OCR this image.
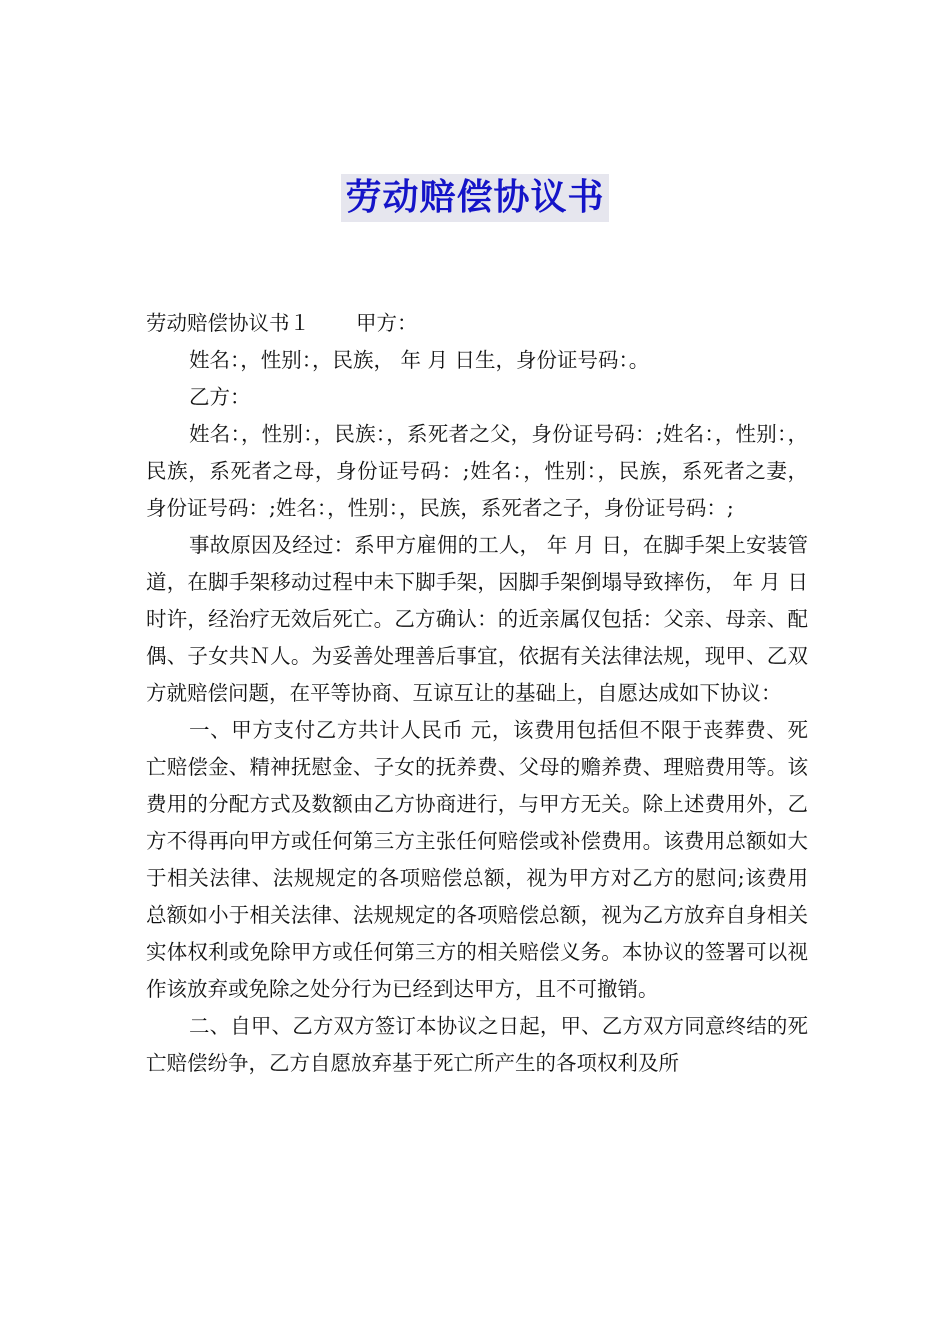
劳动赔偿协议书

劳动赔偿协议书１ 甲方：

姓名：，性别：，民族， 年 月 日生，身份证号码：。

乙方：

姓名：，性别：，民族：，系死者之父，身份证号码：;姓名：，性别：，民族，系死者之母，身份证号码：;姓名：，性别：，民族，系死者之妻，身份证号码：;姓名：，性别：，民族，系死者之子，身份证号码：;

事故原因及经过：系甲方雇佣的工人， 年 月 日，在脚手架上安装管道，在脚手架移动过程中未下脚手架，因脚手架倒塌导致摔伤， 年 月 日 时许，经治疗无效后死亡。乙方确认：的近亲属仅包括：父亲、母亲、配偶、子女共Ｎ人。为妥善处理善后事宜，依据有关法律法规，现甲、乙双方就赔偿问题，在平等协商、互谅互让的基础上，自愿达成如下协议：

一、甲方支付乙方共计人民币 元，该费用包括但不限于丧葬费、死亡赔偿金、精神抚慰金、子女的抚养费、父母的赡养费、理赔费用等。该费用的分配方式及数额由乙方协商进行，与甲方无关。除上述费用外，乙方不得再向甲方或任何第三方主张任何赔偿或补偿费用。该费用总额如大于相关法律、法规规定的各项赔偿总额，视为甲方对乙方的慰问;该费用总额如小于相关法律、法规规定的各项赔偿总额，视为乙方放弃自身相关实体权利或免除甲方或任何第三方的相关赔偿义务。本协议的签署可以视作该放弃或免除之处分行为已经到达甲方，且不可撤销。

二、自甲、乙方双方签订本协议之日起，甲、乙方双方同意终结的死亡赔偿纷争，乙方自愿放弃基于死亡所产生的各项权利及所
